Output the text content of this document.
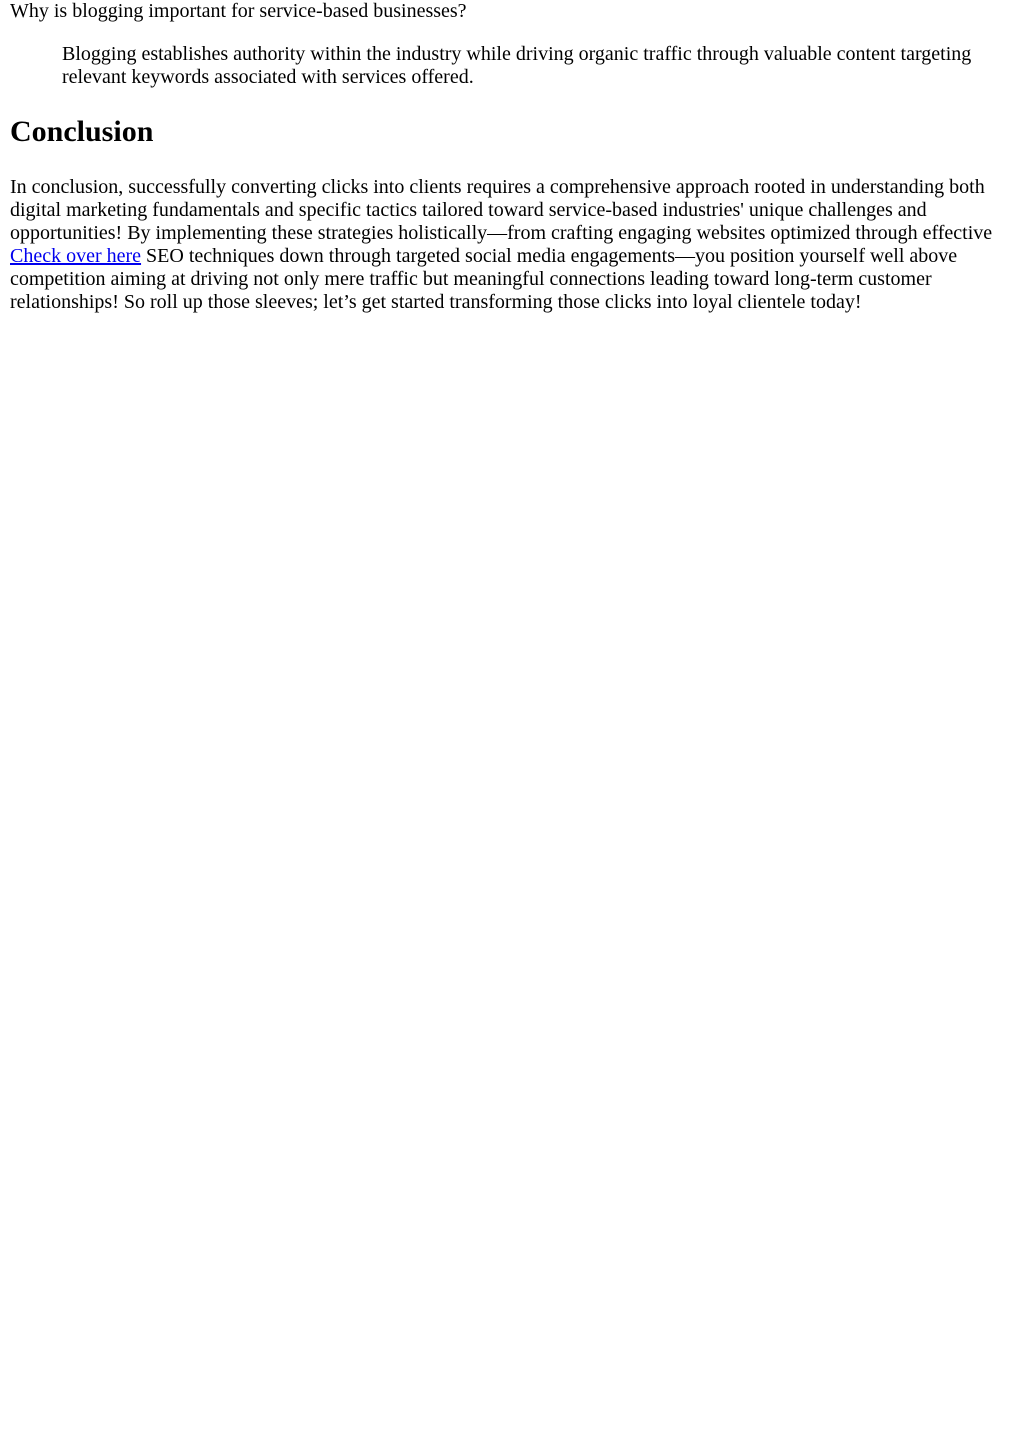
Why is blogging important for service-based businesses?
Blogging establishes authority within the industry while driving organic traffic through valuable content targeting relevant keywords associated with services offered.
Conclusion

In conclusion, successfully converting clicks into clients requires a comprehensive approach rooted in understanding both digital marketing fundamentals and specific tactics tailored toward service-based industries' unique challenges and opportunities! By implementing these strategies holistically—from crafting engaging websites optimized through effective Check over here SEO techniques down through targeted social media engagements—you position yourself well above competition aiming at driving not only mere traffic but meaningful connections leading toward long-term customer relationships! So roll up those sleeves; let’s get started transforming those clicks into loyal clientele today!
